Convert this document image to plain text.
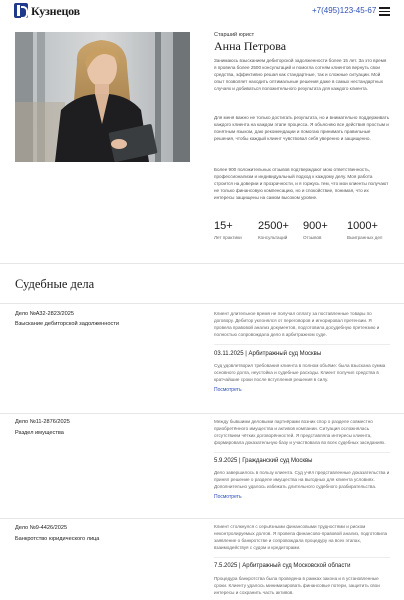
Кузнецов	+7(495)123-45-67
Старший юрист
Анна Петрова
Занимаюсь взысканием дебиторской задолженности более 15 лет. За это время я провела более 2500 консультаций и помогла сотням клиентов вернуть свои средства, эффективно решая как стандартные, так и сложные ситуации. Мой опыт позволяет находить оптимальные решения даже в самых нестандартных случаях и добиваться положительного результата для каждого клиента.
Для меня важно не только достигать результата, но и внимательно поддерживать каждого клиента на каждом этапе процесса. Я объясняю все действия простым и понятным языком, даю рекомендации и помогаю принимать правильные решения, чтобы каждый клиент чувствовал себя уверенно и защищенно.
Более 900 положительных отзывов подтверждают мою ответственность, профессионализм и индивидуальный подход к каждому делу. Моя работа строится на доверии и прозрачности, и я горжусь тем, что мои клиенты получают не только финансовую компенсацию, но и спокойствие, понимая, что их интересы защищены на самом высоком уровне.
15+
Лет практики
2500+
Консультаций
900+
Отзывов
1000+
Выигранных дел
Судебные дела
Дело №А32-2823/2025
Взыскание дебиторской задолженности
Клиент длительное время не получал оплату за поставленные товары по договору. Дебитор уклонялся от переговоров и игнорировал претензии. Я провела правовой анализ документов, подготовила досудебную претензию и полностью сопровождала дело в арбитражном суде.
03.11.2025 | Арбитражный суд Москвы
Суд удовлетворил требования клиента в полном объёме: была взыскана сумма основного долга, неустойка и судебные расходы. Клиент получил средства в кратчайшие сроки после вступления решения в силу.
Посмотреть
Дело №11-2876/2025
Раздел имущества
Между бывшими деловыми партнёрами возник спор о разделе совместно приобретённого имущества и активов компании. Ситуация осложнялась отсутствием чётких договорённостей. Я представляла интересы клиента, формировала доказательную базу и участвовала во всех судебных заседаниях.
5.9.2025 | Гражданский суд Москвы
Дело завершилось в пользу клиента. Суд учёл представленные доказательства и принял решение о разделе имущества на выгодных для клиента условиях. Дополнительно удалось избежать длительного судебного разбирательства.
Посмотреть
Дело №9-4426/2025
Банкротство юридического лица
Клиент столкнулся с серьёзными финансовыми трудностями и риском неконтролируемых долгов. Я провела финансово-правовой анализ, подготовила заявление о банкротстве и сопровождала процедуру на всех этапах, взаимодействуя с судом и кредиторами.
7.5.2025 | Арбитражный суд Московской области
Процедура банкротства была проведена в рамках закона и в установленные сроки. Клиенту удалось минимизировать финансовые потери, защитить свои интересы и сохранить часть активов.
